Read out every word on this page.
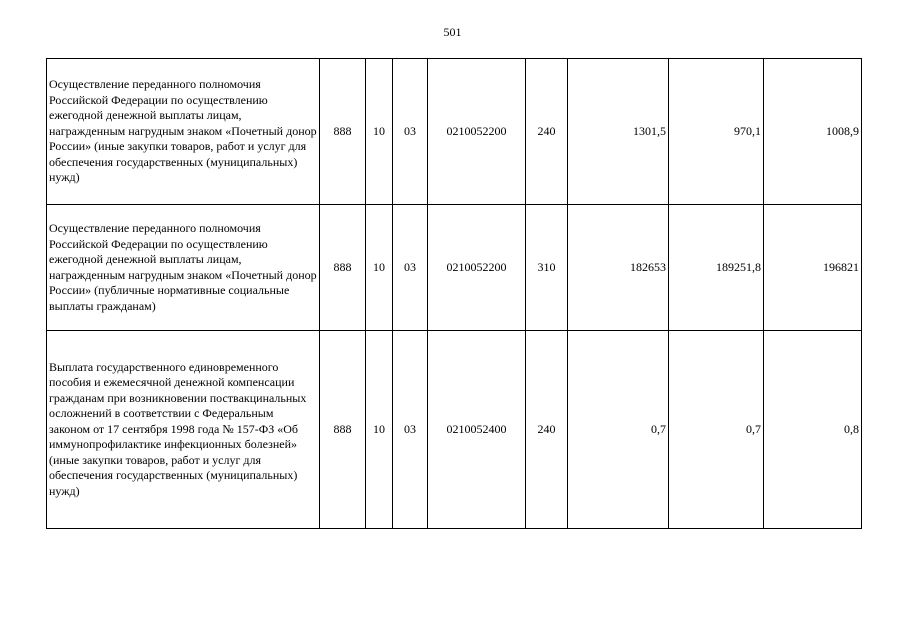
501
Осуществление переданного полномочия Российской Федерации по осуществлению ежегодной денежной выплаты лицам, награжденным нагрудным знаком «Почетный донор России» (иные закупки товаров, работ и услуг для обеспечения государственных (муниципальных) нужд)	888	10	03	0210052200	240	1301,5	970,1	1008,9
Осуществление переданного полномочия Российской Федерации по осуществлению ежегодной денежной выплаты лицам, награжденным нагрудным знаком «Почетный донор России» (публичные нормативные социальные выплаты гражданам)	888	10	03	0210052200	310	182653	189251,8	196821
Выплата государственного единовременного пособия и ежемесячной денежной компенсации гражданам при возникновении поствакцинальных осложнений в соответствии с Федеральным законом от 17 сентября 1998 года № 157-ФЗ «Об иммунопрофилактике инфекционных болезней» (иные закупки товаров, работ и услуг для обеспечения государственных (муниципальных) нужд)	888	10	03	0210052400	240	0,7	0,7	0,8
